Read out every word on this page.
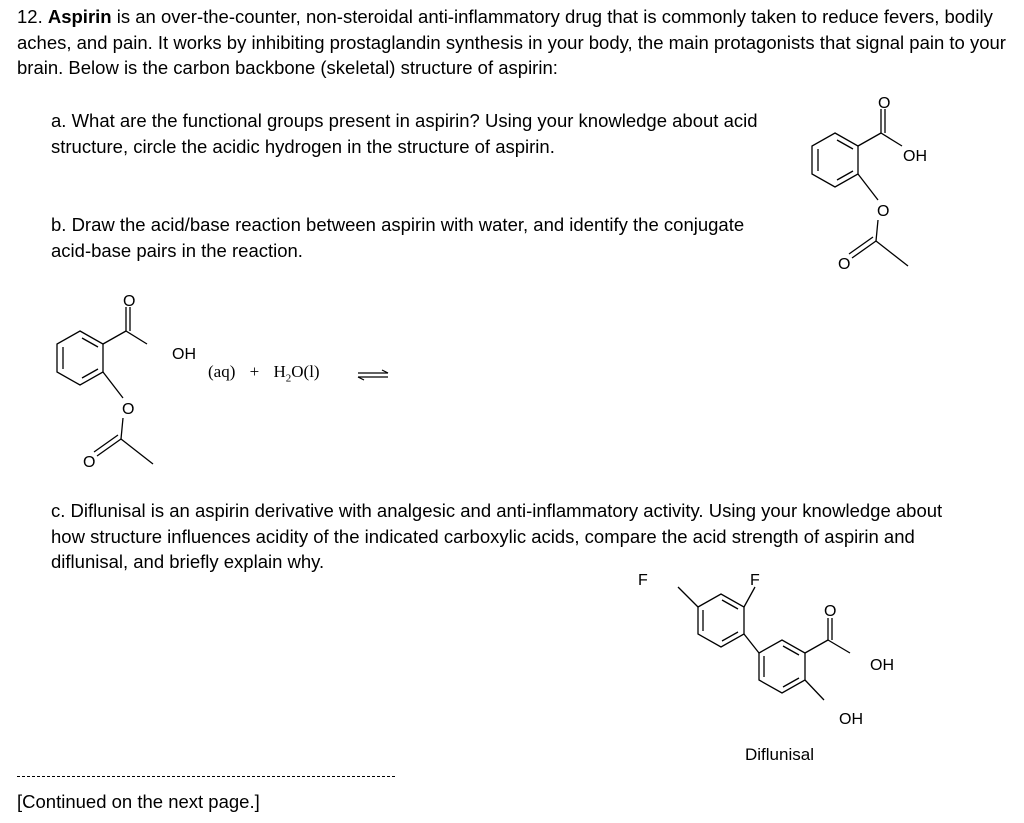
12. Aspirin is an over-the-counter, non-steroidal anti-inflammatory drug that is commonly taken to reduce fevers, bodily aches, and pain. It works by inhibiting prostaglandin synthesis in your body, the main protagonists that signal pain to your brain. Below is the carbon backbone (skeletal) structure of aspirin:

a. What are the functional groups present in aspirin? Using your knowledge about acid structure, circle the acidic hydrogen in the structure of aspirin.

b. Draw the acid/base reaction between aspirin with water, and identify the conjugate acid-base pairs in the reaction.

O
OH
O
O
O
OH
O
O
$(aq) + H_2O(l)$

c. Diflunisal is an aspirin derivative with analgesic and anti-inflammatory activity. Using your knowledge about how structure influences acidity of the indicated carboxylic acids, compare the acid strength of aspirin and diflunisal, and briefly explain why.

F	F
O
OH
OH
Diflunisal
[Continued on the next page.]
